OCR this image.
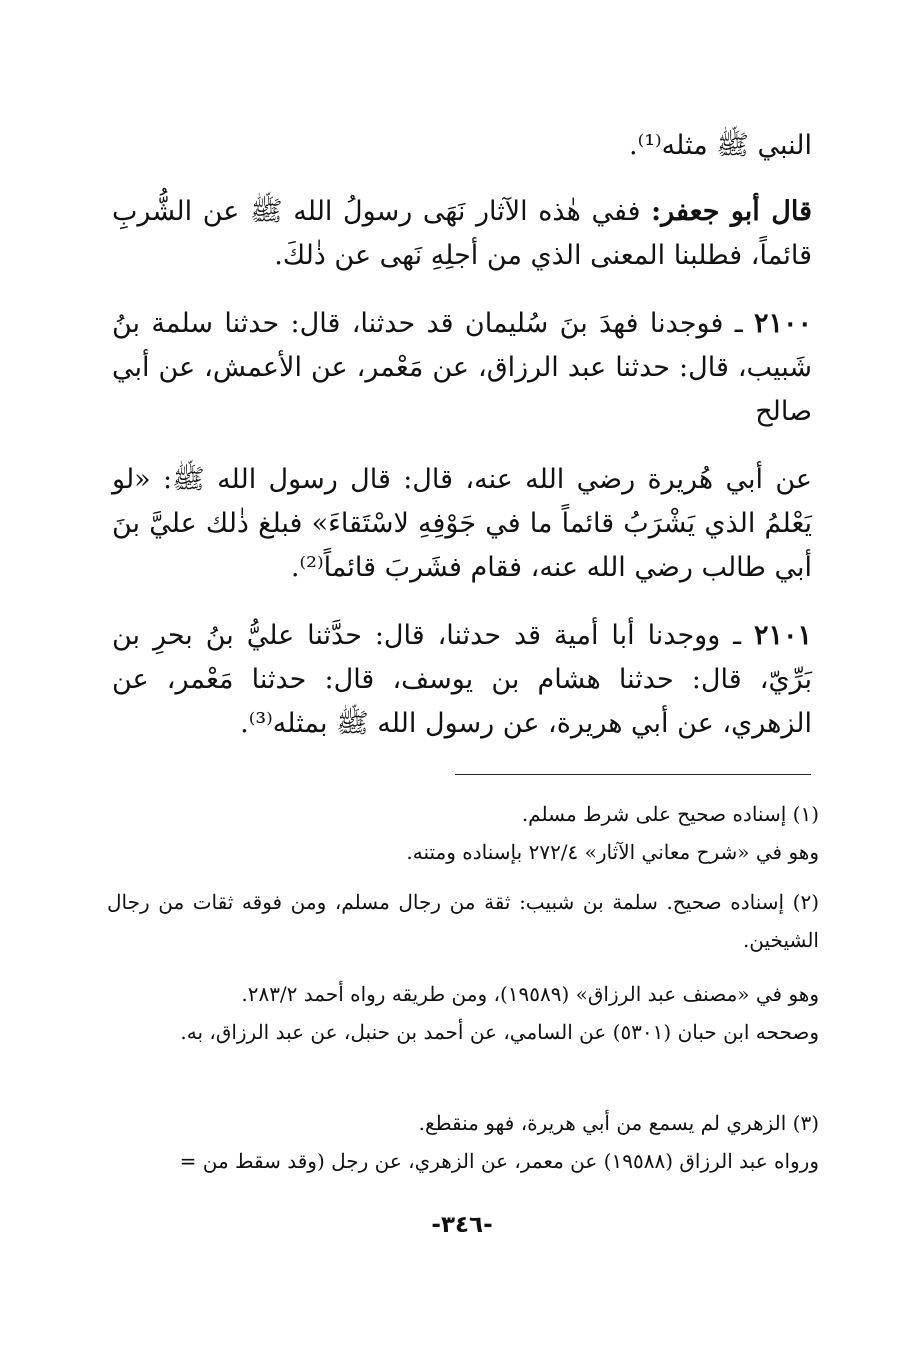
النبي ﷺ مثله⁽¹⁾.

قال أبو جعفر: ففي هٰذه الآثار نَهَى رسولُ الله ﷺ عن الشُّربِ قائماً، فطلبنا المعنى الذي من أجلِهِ نَهى عن ذٰلكَ.

٢١٠٠ ـ فوجدنا فهدَ بنَ سُليمان قد حدثنا، قال: حدثنا سلمة بنُ شَبيب، قال: حدثنا عبد الرزاق، عن مَعْمر، عن الأعمش، عن أبي صالح

عن أبي هُريرة رضي الله عنه، قال: قال رسول الله ﷺ: «لو يَعْلمُ الذي يَشْرَبُ قائماً ما في جَوْفِهِ لاسْتَقاءَ» فبلغ ذٰلك عليَّ بنَ أبي طالب رضي الله عنه، فقام فشَربَ قائماً⁽²⁾.

٢١٠١ ـ ووجدنا أبا أمية قد حدثنا، قال: حدَّثنا عليُّ بنُ بحرِ بن بَرِّيّ، قال: حدثنا هشام بن يوسف، قال: حدثنا مَعْمر، عن الزهري، عن أبي هريرة، عن رسول الله ﷺ بمثله⁽³⁾.

(١) إسناده صحيح على شرط مسلم.

وهو في «شرح معاني الآثار» ٢٧٢/٤ بإسناده ومتنه.

(٢) إسناده صحيح. سلمة بن شبيب: ثقة من رجال مسلم، ومن فوقه ثقات من رجال الشيخين.

وهو في «مصنف عبد الرزاق» (١٩٥٨٩)، ومن طريقه رواه أحمد ٢٨٣/٢.

وصححه ابن حبان (٥٣٠١) عن السامي، عن أحمد بن حنبل، عن عبد الرزاق، به.

(٣) الزهري لم يسمع من أبي هريرة، فهو منقطع.

ورواه عبد الرزاق (١٩٥٨٨) عن معمر، عن الزهري، عن رجل (وقد سقط من =

-٣٤٦-
